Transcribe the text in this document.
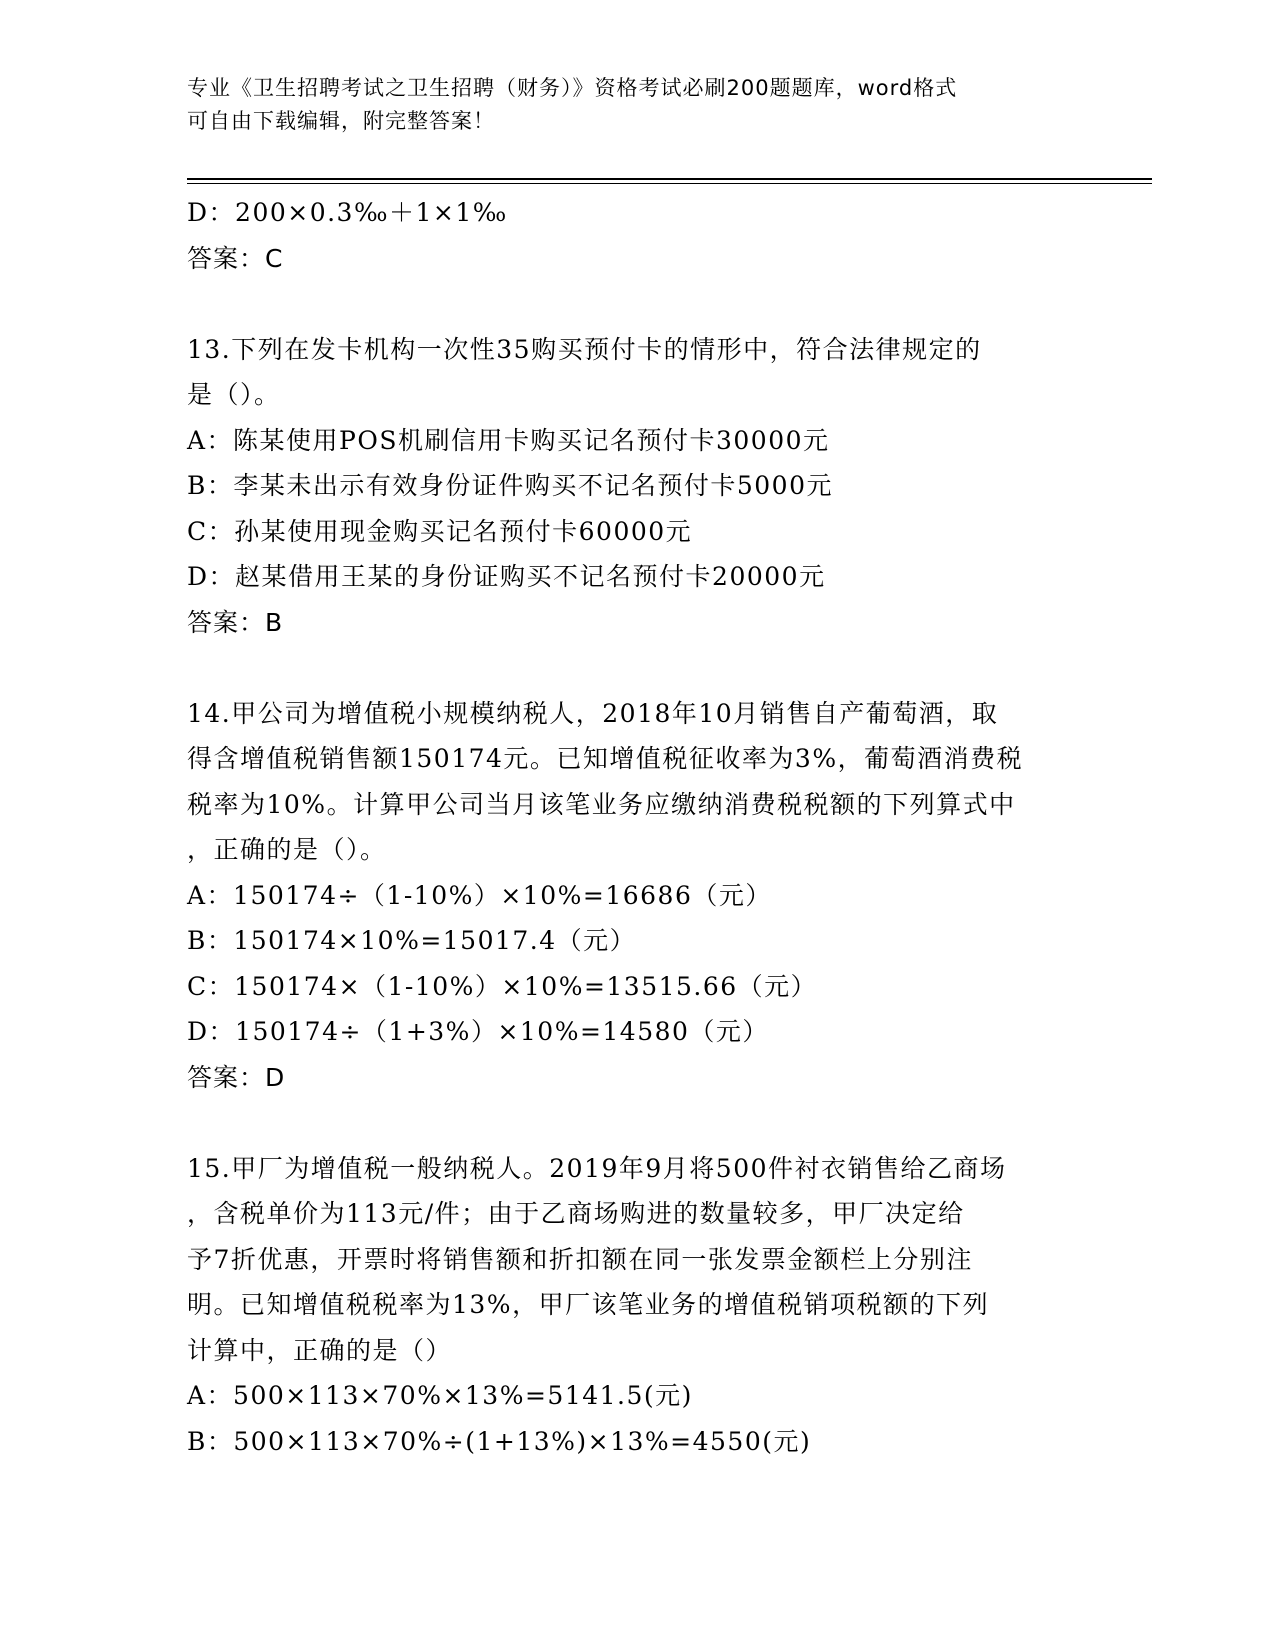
专业《卫生招聘考试之卫生招聘（财务）》资格考试必刷200题题库，word格式
可自由下载编辑，附完整答案！
D：200×0.3‰＋1×1‰
答案：C
13.下列在发卡机构一次性35购买预付卡的情形中，符合法律规定的
是（）。
A：陈某使用POS机刷信用卡购买记名预付卡30000元
B：李某未出示有效身份证件购买不记名预付卡5000元
C：孙某使用现金购买记名预付卡60000元
D：赵某借用王某的身份证购买不记名预付卡20000元
答案：B
14.甲公司为增值税小规模纳税人，2018年10月销售自产葡萄酒，取
得含增值税销售额150174元。已知增值税征收率为3%，葡萄酒消费税
税率为10%。计算甲公司当月该笔业务应缴纳消费税税额的下列算式中
，正确的是（）。
A：150174÷（1-10%）×10%=16686（元）
B：150174×10%=15017.4（元）
C：150174×（1-10%）×10%=13515.66（元）
D：150174÷（1+3%）×10%=14580（元）
答案：D
15.甲厂为增值税一般纳税人。2019年9月将500件衬衣销售给乙商场
，含税单价为113元/件；由于乙商场购进的数量较多，甲厂决定给
予7折优惠，开票时将销售额和折扣额在同一张发票金额栏上分别注
明。已知增值税税率为13%，甲厂该笔业务的增值税销项税额的下列
计算中，正确的是（）
A：500×113×70%×13%=5141.5(元)
B：500×113×70%÷(1+13%)×13%=4550(元)
